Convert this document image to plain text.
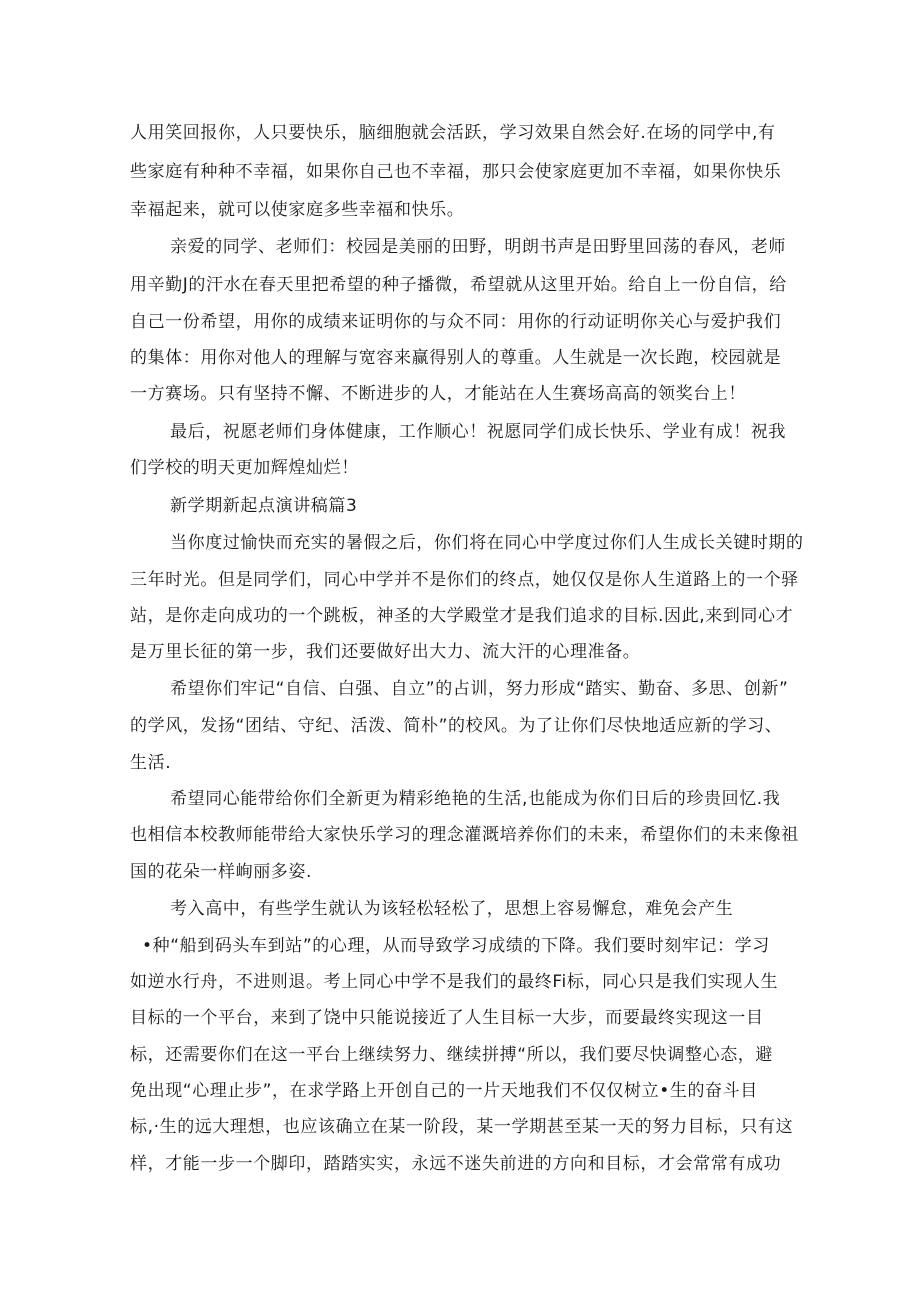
人用笑回报你，人只要快乐，脑细胞就会活跃，学习效果自然会好.在场的同学中,有
些家庭有种种不幸福，如果你自己也不幸福，那只会使家庭更加不幸福，如果你快乐
幸福起来，就可以使家庭多些幸福和快乐。
亲爱的同学、老师们：校园是美丽的田野，明朗书声是田野里回荡的春风，老师
用辛勤J的汗水在春天里把希望的种子播微，希望就从这里开始。给自上一份自信，给
自己一份希望，用你的成绩来证明你的与众不同：用你的行动证明你关心与爱护我们
的集体：用你对他人的理解与宽容来赢得别人的尊重。人生就是一次长跑，校园就是
一方赛场。只有坚持不懈、不断进步的人，才能站在人生赛场高高的领奖台上！
最后，祝愿老师们身体健康，工作顺心！祝愿同学们成长快乐、学业有成！祝我
们学校的明天更加辉煌灿烂！
新学期新起点演讲稿篇3
当你度过愉快而充实的暑假之后，你们将在同心中学度过你们人生成长关键时期的
三年时光。但是同学们，同心中学并不是你们的终点，她仅仅是你人生道路上的一个驿
站，是你走向成功的一个跳板，神圣的大学殿堂才是我们追求的目标.因此,来到同心才
是万里长征的第一步，我们还要做好出大力、流大汗的心理准备。
希望你们牢记“自信、白强、自立”的占训，努力形成“踏实、勤奋、多思、创新”
的学风，发扬“团结、守纪、活泼、简朴”的校风。为了让你们尽快地适应新的学习、
生活.
希望同心能带给你们全新更为精彩绝艳的生活,也能成为你们日后的珍贵回忆.我
也相信本校教师能带给大家快乐学习的理念灌溉培养你们的未来，希望你们的未来像祖
国的花朵一样峋丽多姿.
考入高中，有些学生就认为该轻松轻松了，思想上容易懈怠，难免会产生
•种“船到码头车到站”的心理，从而导致学习成绩的下降。我们要时刻牢记：学习
如逆水行舟，不进则退。考上同心中学不是我们的最终Fi标，同心只是我们实现人生
目标的一个平台，来到了饶中只能说接近了人生目标一大步，而要最终实现这一目
标，还需要你们在这一平台上继续努力、继续拼搏“所以，我们要尽快调整心态，避
免出现“心理止步”，在求学路上开创自己的一片天地我们不仅仅树立•生的奋斗目
标,·生的远大理想，也应该确立在某一阶段，某一学期甚至某一天的努力目标，只有这
样，才能一步一个脚印，踏踏实实，永远不迷失前进的方向和目标，才会常常有成功
